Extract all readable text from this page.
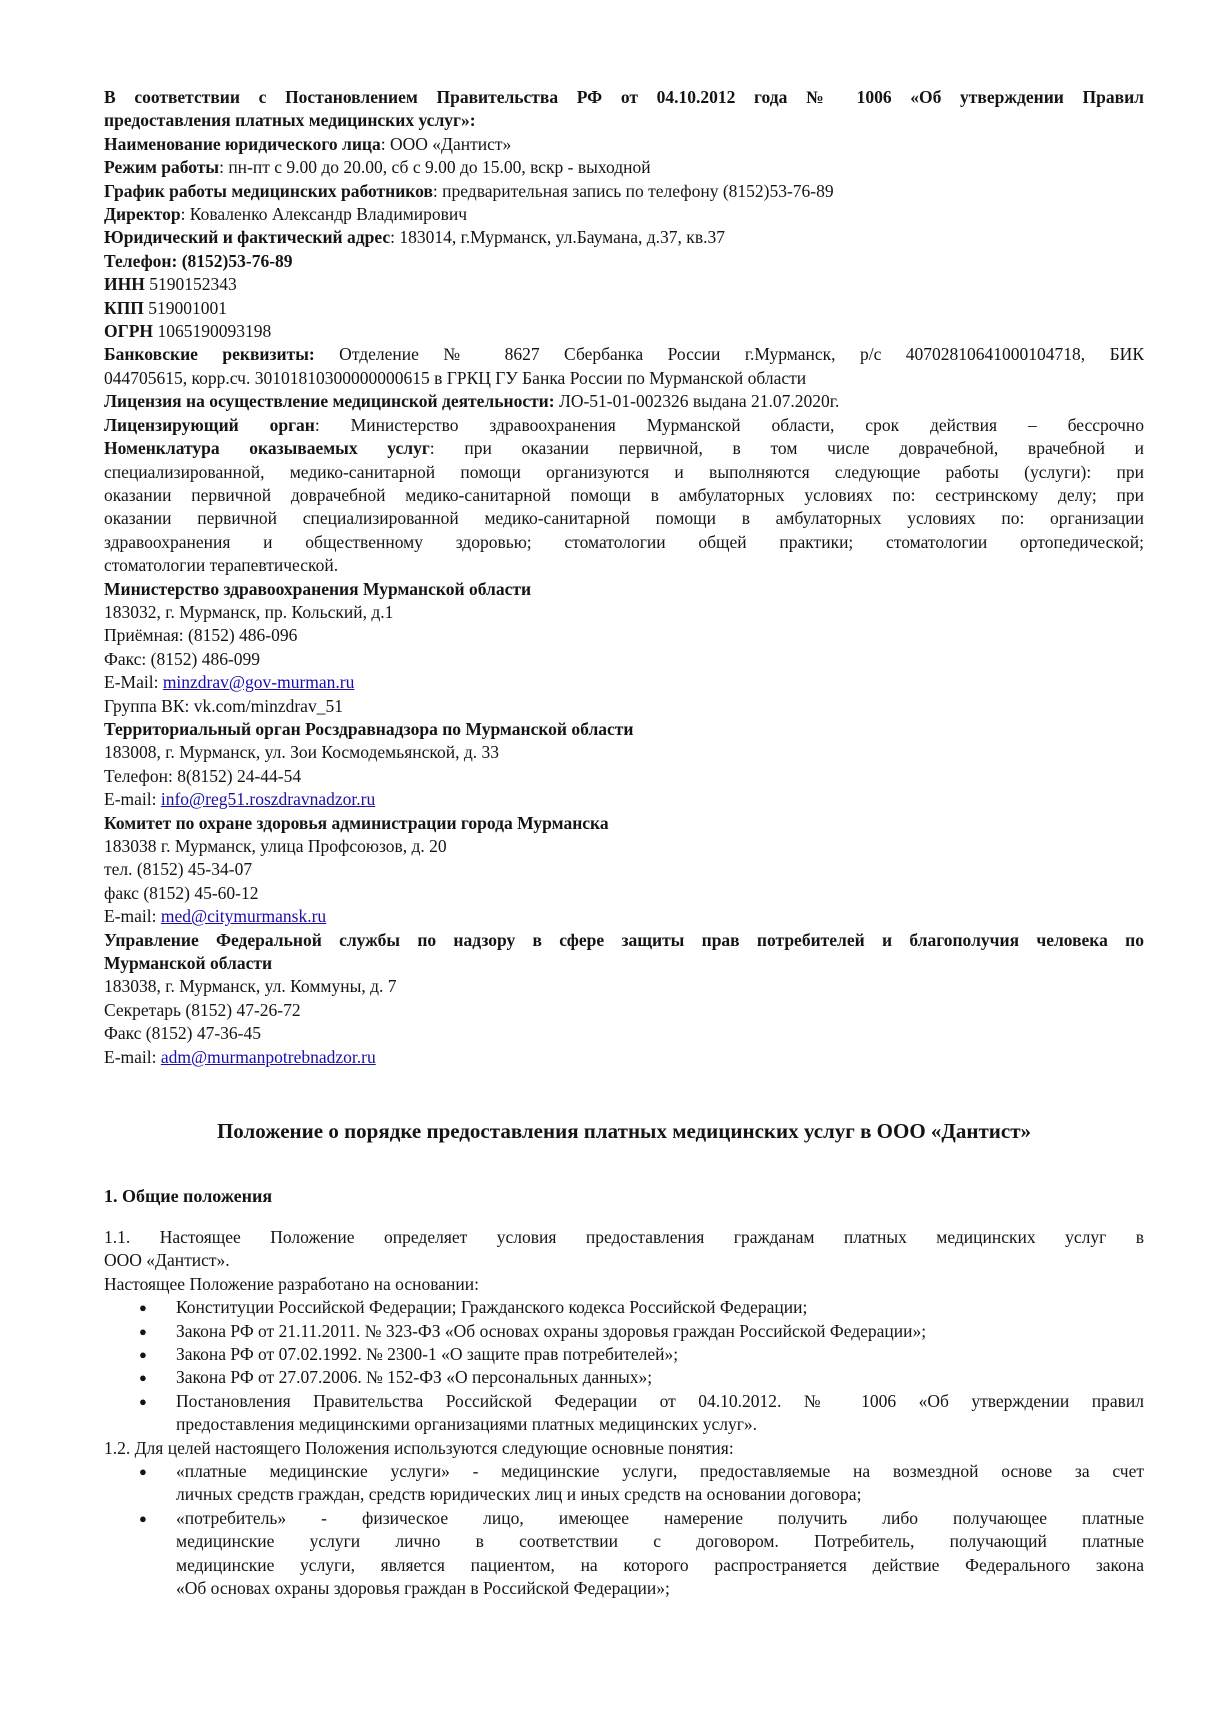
В соответствии с Постановлением Правительства РФ от 04.10.2012 года № 1006 «Об утверждении Правил
предоставления платных медицинских услуг»:
Наименование юридического лица: ООО «Дантист»
Режим работы: пн-пт с 9.00 до 20.00, сб с 9.00 до 15.00, вскр - выходной
График работы медицинских работников: предварительная запись по телефону (8152)53-76-89
Директор: Коваленко Александр Владимирович
Юридический и фактический адрес: 183014, г.Мурманск, ул.Баумана, д.37, кв.37
Телефон: (8152)53-76-89
ИНН 5190152343
КПП 519001001
ОГРН 1065190093198
Банковские реквизиты: Отделение № 8627 Сбербанка России г.Мурманск, р/с 40702810641000104718, БИК
044705615, корр.сч. 30101810300000000615 в ГРКЦ ГУ Банка России по Мурманской области
Лицензия на осуществление медицинской деятельности: ЛО-51-01-002326 выдана 21.07.2020г.
Лицензирующий орган: Министерство здравоохранения Мурманской области, срок действия – бессрочно
Номенклатура оказываемых услуг: при оказании первичной, в том числе доврачебной, врачебной и
специализированной, медико-санитарной помощи организуются и выполняются следующие работы (услуги): при
оказании первичной доврачебной медико-санитарной помощи в амбулаторных условиях по: сестринскому делу; при
оказании первичной специализированной медико-санитарной помощи в амбулаторных условиях по: организации
здравоохранения и общественному здоровью; стоматологии общей практики; стоматологии ортопедической;
стоматологии терапевтической.
Министерство здравоохранения Мурманской области
183032, г. Мурманск, пр. Кольский, д.1
Приёмная: (8152) 486-096
Факс: (8152) 486-099
E-Mail: minzdrav@gov-murman.ru
Группа ВК: vk.com/minzdrav_51
Территориальный орган Росздравнадзора по Мурманской области
183008, г. Мурманск, ул. Зои Космодемьянской, д. 33
Телефон: 8(8152) 24-44-54
E-mail: info@reg51.roszdravnadzor.ru
Комитет по охране здоровья администрации города Мурманска
183038 г. Мурманск, улица Профсоюзов, д. 20
тел. (8152) 45-34-07
факс (8152) 45-60-12
E-mail: med@citymurmansk.ru
Управление Федеральной службы по надзору в сфере защиты прав потребителей и благополучия человека по
Мурманской области
183038, г. Мурманск, ул. Коммуны, д. 7
Секретарь (8152) 47-26-72
Факс (8152) 47-36-45
E-mail: adm@murmanpotrebnadzor.ru
Положение о порядке предоставления платных медицинских услуг в ООО «Дантист»
1. Общие положения
1.1. Настоящее Положение определяет условия предоставления гражданам платных медицинских услуг в
ООО «Дантист».
Настоящее Положение разработано на основании:
● Конституции Российской Федерации; Гражданского кодекса Российской Федерации;
● Закона РФ от 21.11.2011. № 323-ФЗ «Об основах охраны здоровья граждан Российской Федерации»;
● Закона РФ от 07.02.1992. № 2300-1 «О защите прав потребителей»;
● Закона РФ от 27.07.2006. № 152-ФЗ «О персональных данных»;
● Постановления Правительства Российской Федерации от 04.10.2012. № 1006 «Об утверждении правил
предоставления медицинскими организациями платных медицинских услуг».
1.2. Для целей настоящего Положения используются следующие основные понятия:
● «платные медицинские услуги» - медицинские услуги, предоставляемые на возмездной основе за счет
личных средств граждан, средств юридических лиц и иных средств на основании договора;
● «потребитель» - физическое лицо, имеющее намерение получить либо получающее платные
медицинские услуги лично в соответствии с договором. Потребитель, получающий платные
медицинские услуги, является пациентом, на которого распространяется действие Федерального закона
«Об основах охраны здоровья граждан в Российской Федерации»;
